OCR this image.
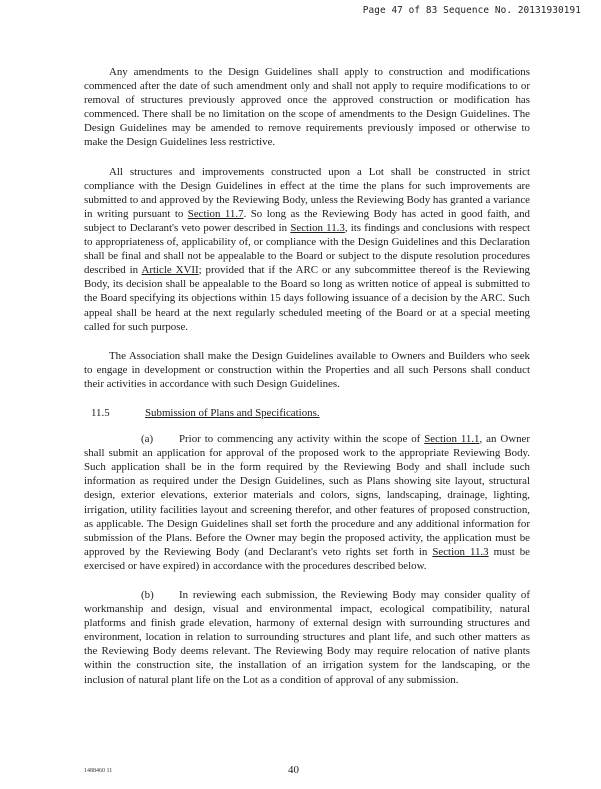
Page 47 of 83 Sequence No. 20131930191

Any amendments to the Design Guidelines shall apply to construction and modifications commenced after the date of such amendment only and shall not apply to require modifications to or removal of structures previously approved once the approved construction or modification has commenced. There shall be no limitation on the scope of amendments to the Design Guidelines. The Design Guidelines may be amended to remove requirements previously imposed or otherwise to make the Design Guidelines less restrictive.

All structures and improvements constructed upon a Lot shall be constructed in strict compliance with the Design Guidelines in effect at the time the plans for such improvements are submitted to and approved by the Reviewing Body, unless the Reviewing Body has granted a variance in writing pursuant to Section 11.7. So long as the Reviewing Body has acted in good faith, and subject to Declarant's veto power described in Section 11.3, its findings and conclusions with respect to appropriateness of, applicability of, or compliance with the Design Guidelines and this Declaration shall be final and shall not be appealable to the Board or subject to the dispute resolution procedures described in Article XVII; provided that if the ARC or any subcommittee thereof is the Reviewing Body, its decision shall be appealable to the Board so long as written notice of appeal is submitted to the Board specifying its objections within 15 days following issuance of a decision by the ARC. Such appeal shall be heard at the next regularly scheduled meeting of the Board or at a special meeting called for such purpose.

The Association shall make the Design Guidelines available to Owners and Builders who seek to engage in development or construction within the Properties and all such Persons shall conduct their activities in accordance with such Design Guidelines.

11.5	Submission of Plans and Specifications.

(a) Prior to commencing any activity within the scope of Section 11.1, an Owner shall submit an application for approval of the proposed work to the appropriate Reviewing Body. Such application shall be in the form required by the Reviewing Body and shall include such information as required under the Design Guidelines, such as Plans showing site layout, structural design, exterior elevations, exterior materials and colors, signs, landscaping, drainage, lighting, irrigation, utility facilities layout and screening therefor, and other features of proposed construction, as applicable. The Design Guidelines shall set forth the procedure and any additional information for submission of the Plans. Before the Owner may begin the proposed activity, the application must be approved by the Reviewing Body (and Declarant's veto rights set forth in Section 11.3 must be exercised or have expired) in accordance with the procedures described below.

(b) In reviewing each submission, the Reviewing Body may consider quality of workmanship and design, visual and environmental impact, ecological compatibility, natural platforms and finish grade elevation, harmony of external design with surrounding structures and environment, location in relation to surrounding structures and plant life, and such other matters as the Reviewing Body deems relevant. The Reviewing Body may require relocation of native plants within the construction site, the installation of an irrigation system for the landscaping, or the inclusion of natural plant life on the Lot as a condition of approval of any submission.

1488460 11	40
